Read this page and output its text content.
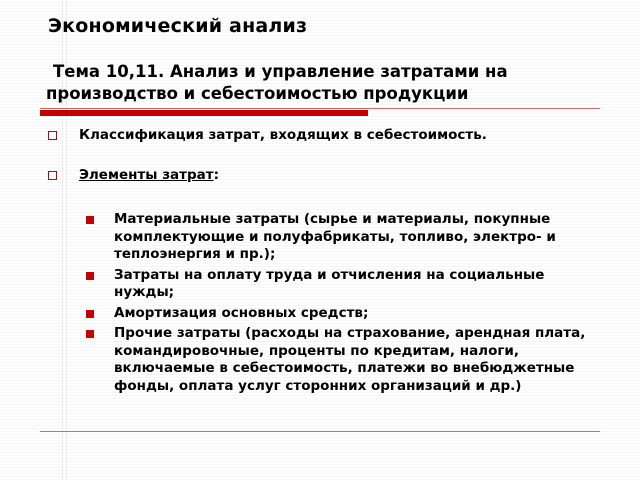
Экономический анализ
Тема 10,11. Анализ и управление затратами на
производство и себестоимостью продукции
Классификация затрат, входящих в себестоимость.
Элементы затрат:
Материальные затраты (сырье и материалы, покупные комплектующие и полуфабрикаты, топливо, электро- и теплоэнергия и пр.);
Затраты на оплату труда и отчисления на социальные нужды;
Амортизация основных средств;
Прочие затраты (расходы на страхование, арендная плата, командировочные, проценты по кредитам, налоги, включаемые в себестоимость, платежи во внебюджетные фонды, оплата услуг сторонних организаций и др.)
